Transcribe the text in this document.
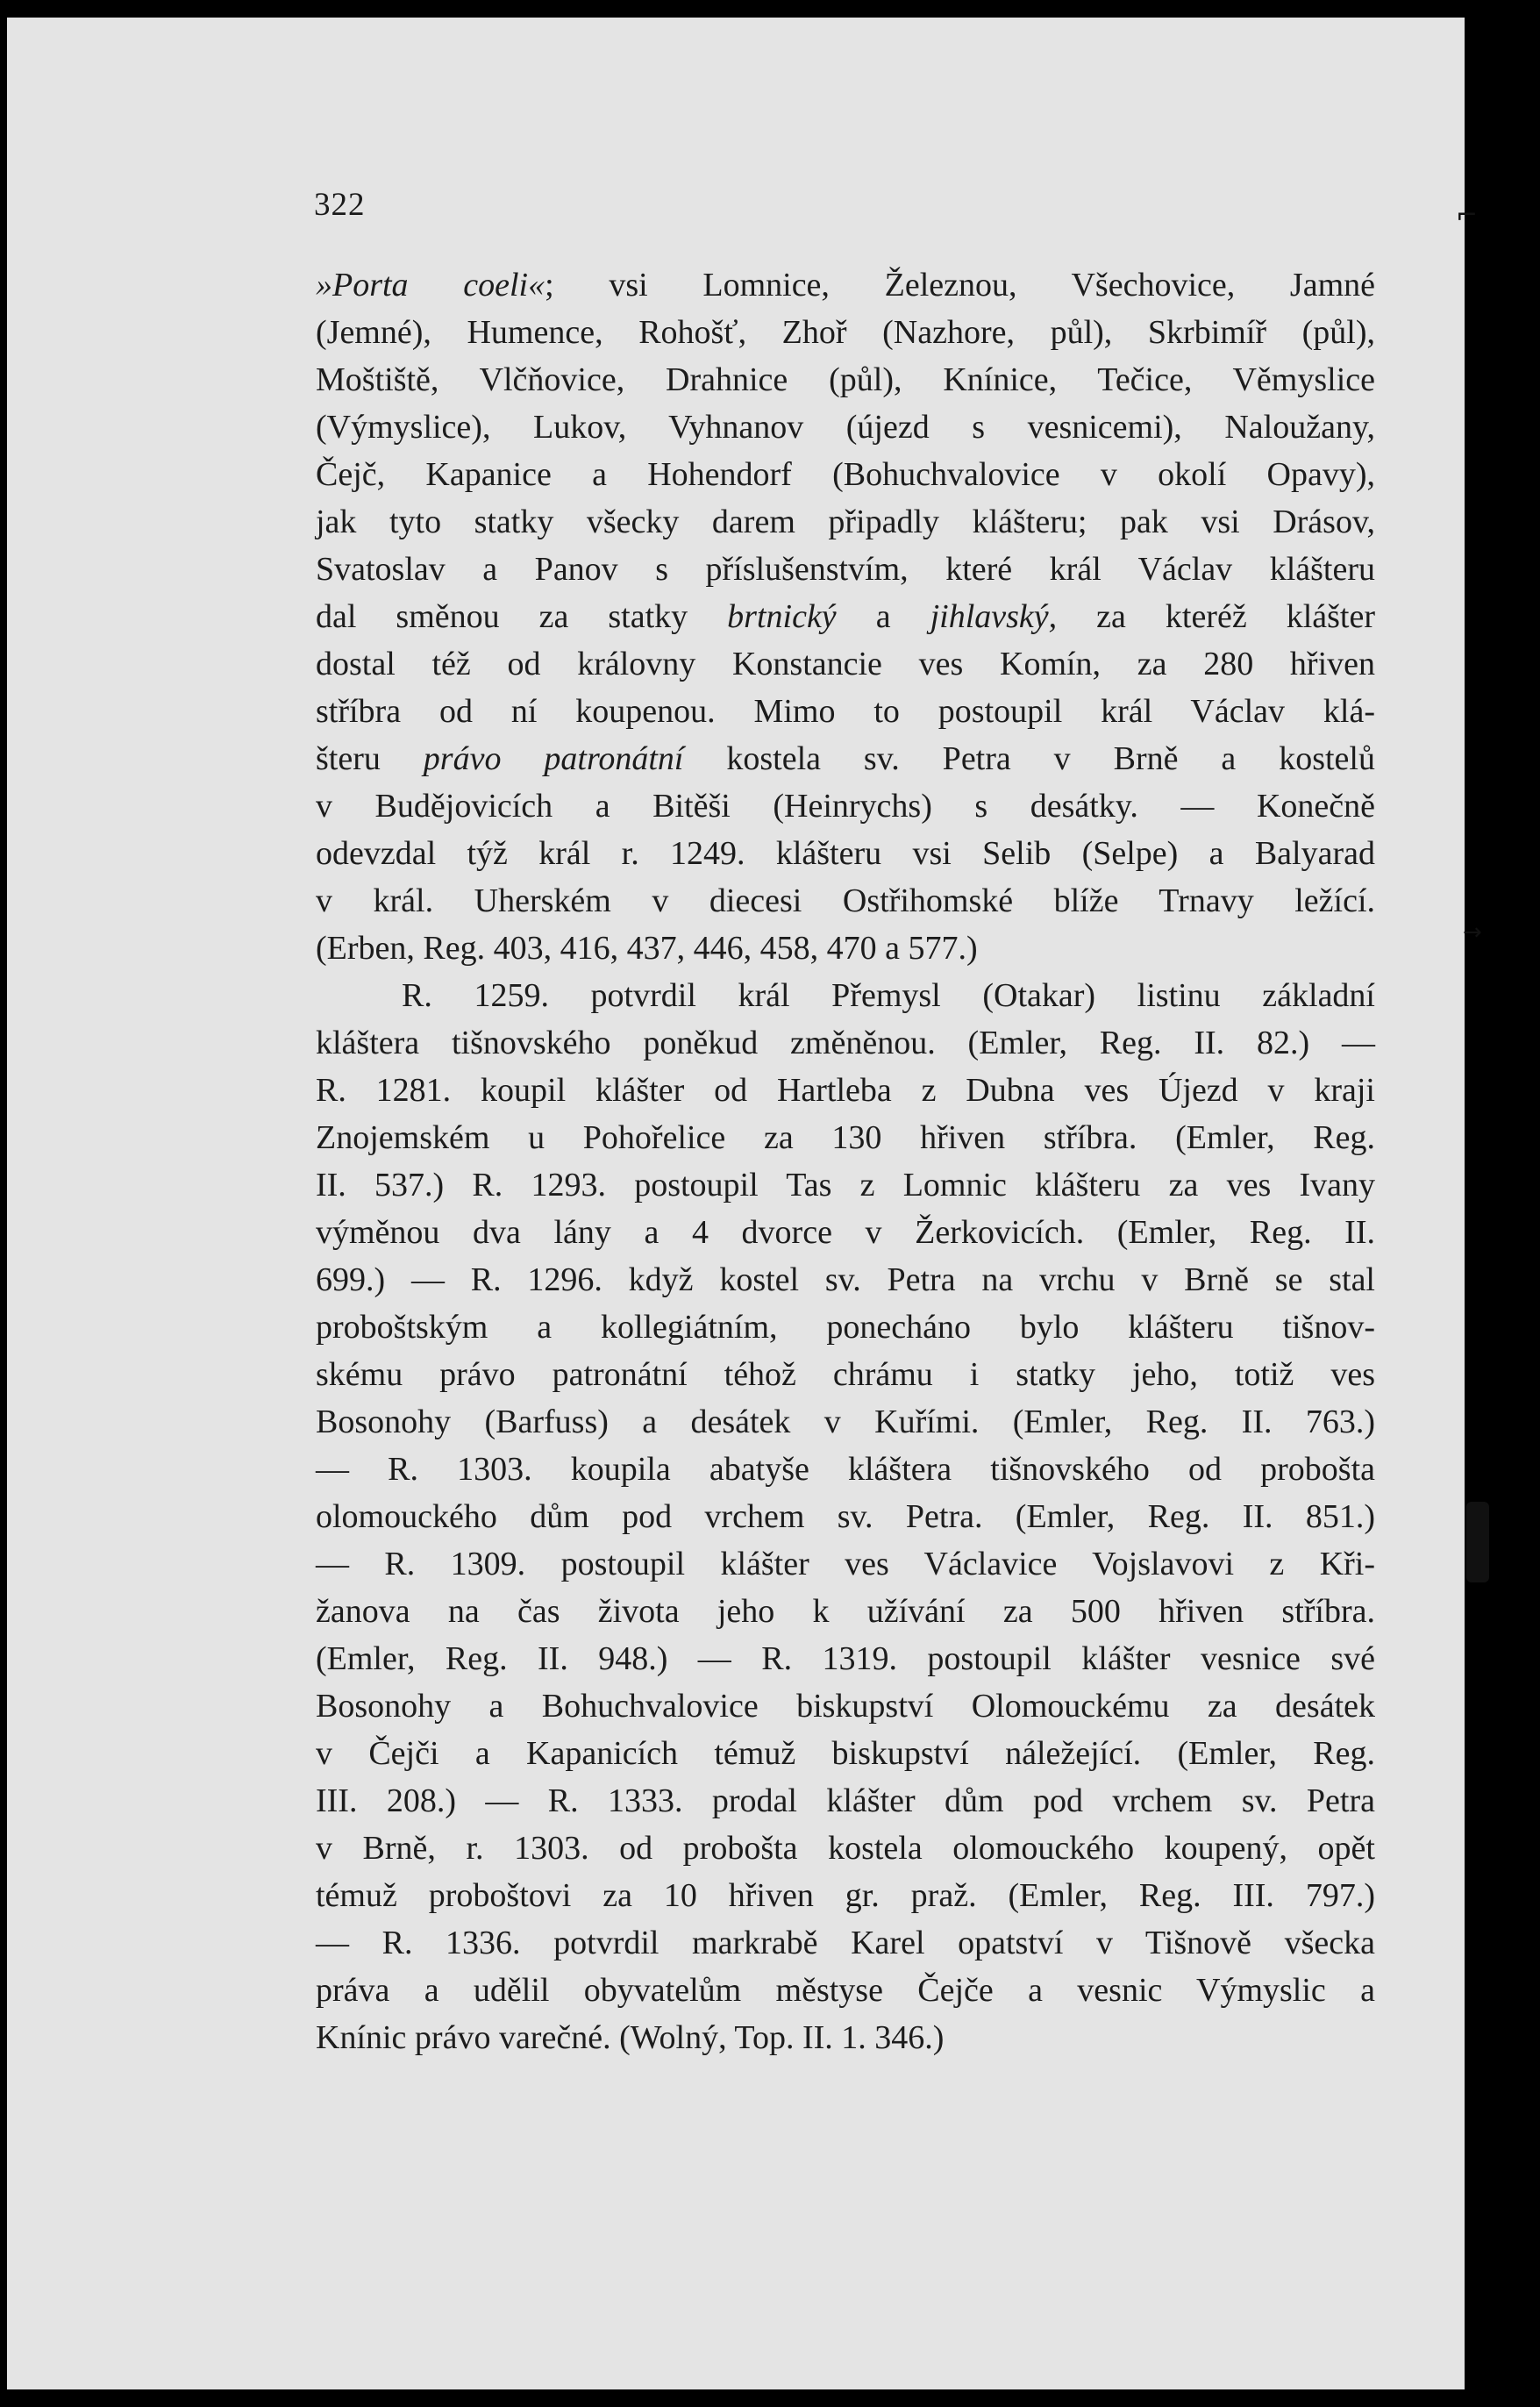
322
»Porta coeli«; vsi Lomnice, Železnou, Všechovice, Jamné
(Jemné), Humence, Rohošť, Zhoř (Nazhore, půl), Skrbimíř (půl),
Moštiště, Vlčňovice, Drahnice (půl), Knínice, Tečice, Věmyslice
(Výmyslice), Lukov, Vyhnanov (újezd s vesnicemi), Naloužany,
Čejč, Kapanice a Hohendorf (Bohuchvalovice v okolí Opavy),
jak tyto statky všecky darem připadly klášteru; pak vsi Drásov,
Svatoslav a Panov s příslušenstvím, které král Václav klášteru
dal směnou za statky brtnický a jihlavský, za kteréž klášter
dostal též od královny Konstancie ves Komín, za 280 hřiven
stříbra od ní koupenou. Mimo to postoupil král Václav klá-
šteru právo patronátní kostela sv. Petra v Brně a kostelů
v Budějovicích a Bitěši (Heinrychs) s desátky. — Konečně
odevzdal týž král r. 1249. klášteru vsi Selib (Selpe) a Balyarad
v král. Uherském v diecesi Ostřihomské blíže Trnavy ležící.
(Erben, Reg. 403, 416, 437, 446, 458, 470 a 577.)
R. 1259. potvrdil král Přemysl (Otakar) listinu základní
kláštera tišnovského poněkud změněnou. (Emler, Reg. II. 82.) —
R. 1281. koupil klášter od Hartleba z Dubna ves Újezd v kraji
Znojemském u Pohořelice za 130 hřiven stříbra. (Emler, Reg.
II. 537.) R. 1293. postoupil Tas z Lomnic klášteru za ves Ivany
výměnou dva lány a 4 dvorce v Žerkovicích. (Emler, Reg. II.
699.) — R. 1296. když kostel sv. Petra na vrchu v Brně se stal
proboštským a kollegiátním, ponecháno bylo klášteru tišnov-
skému právo patronátní téhož chrámu i statky jeho, totiž ves
Bosonohy (Barfuss) a desátek v Kuřími. (Emler, Reg. II. 763.)
— R. 1303. koupila abatyše kláštera tišnovského od probošta
olomouckého dům pod vrchem sv. Petra. (Emler, Reg. II. 851.)
— R. 1309. postoupil klášter ves Václavice Vojslavovi z Kři-
žanova na čas života jeho k užívání za 500 hřiven stříbra.
(Emler, Reg. II. 948.) — R. 1319. postoupil klášter vesnice své
Bosonohy a Bohuchvalovice biskupství Olomouckému za desátek
v Čejči a Kapanicích témuž biskupství náležející. (Emler, Reg.
III. 208.) — R. 1333. prodal klášter dům pod vrchem sv. Petra
v Brně, r. 1303. od probošta kostela olomouckého koupený, opět
témuž proboštovi za 10 hřiven gr. praž. (Emler, Reg. III. 797.)
— R. 1336. potvrdil markrabě Karel opatství v Tišnově všecka
práva a udělil obyvatelům městyse Čejče a vesnic Výmyslic a
Knínic právo varečné. (Wolný, Top. II. 1. 346.)
⌐
→
